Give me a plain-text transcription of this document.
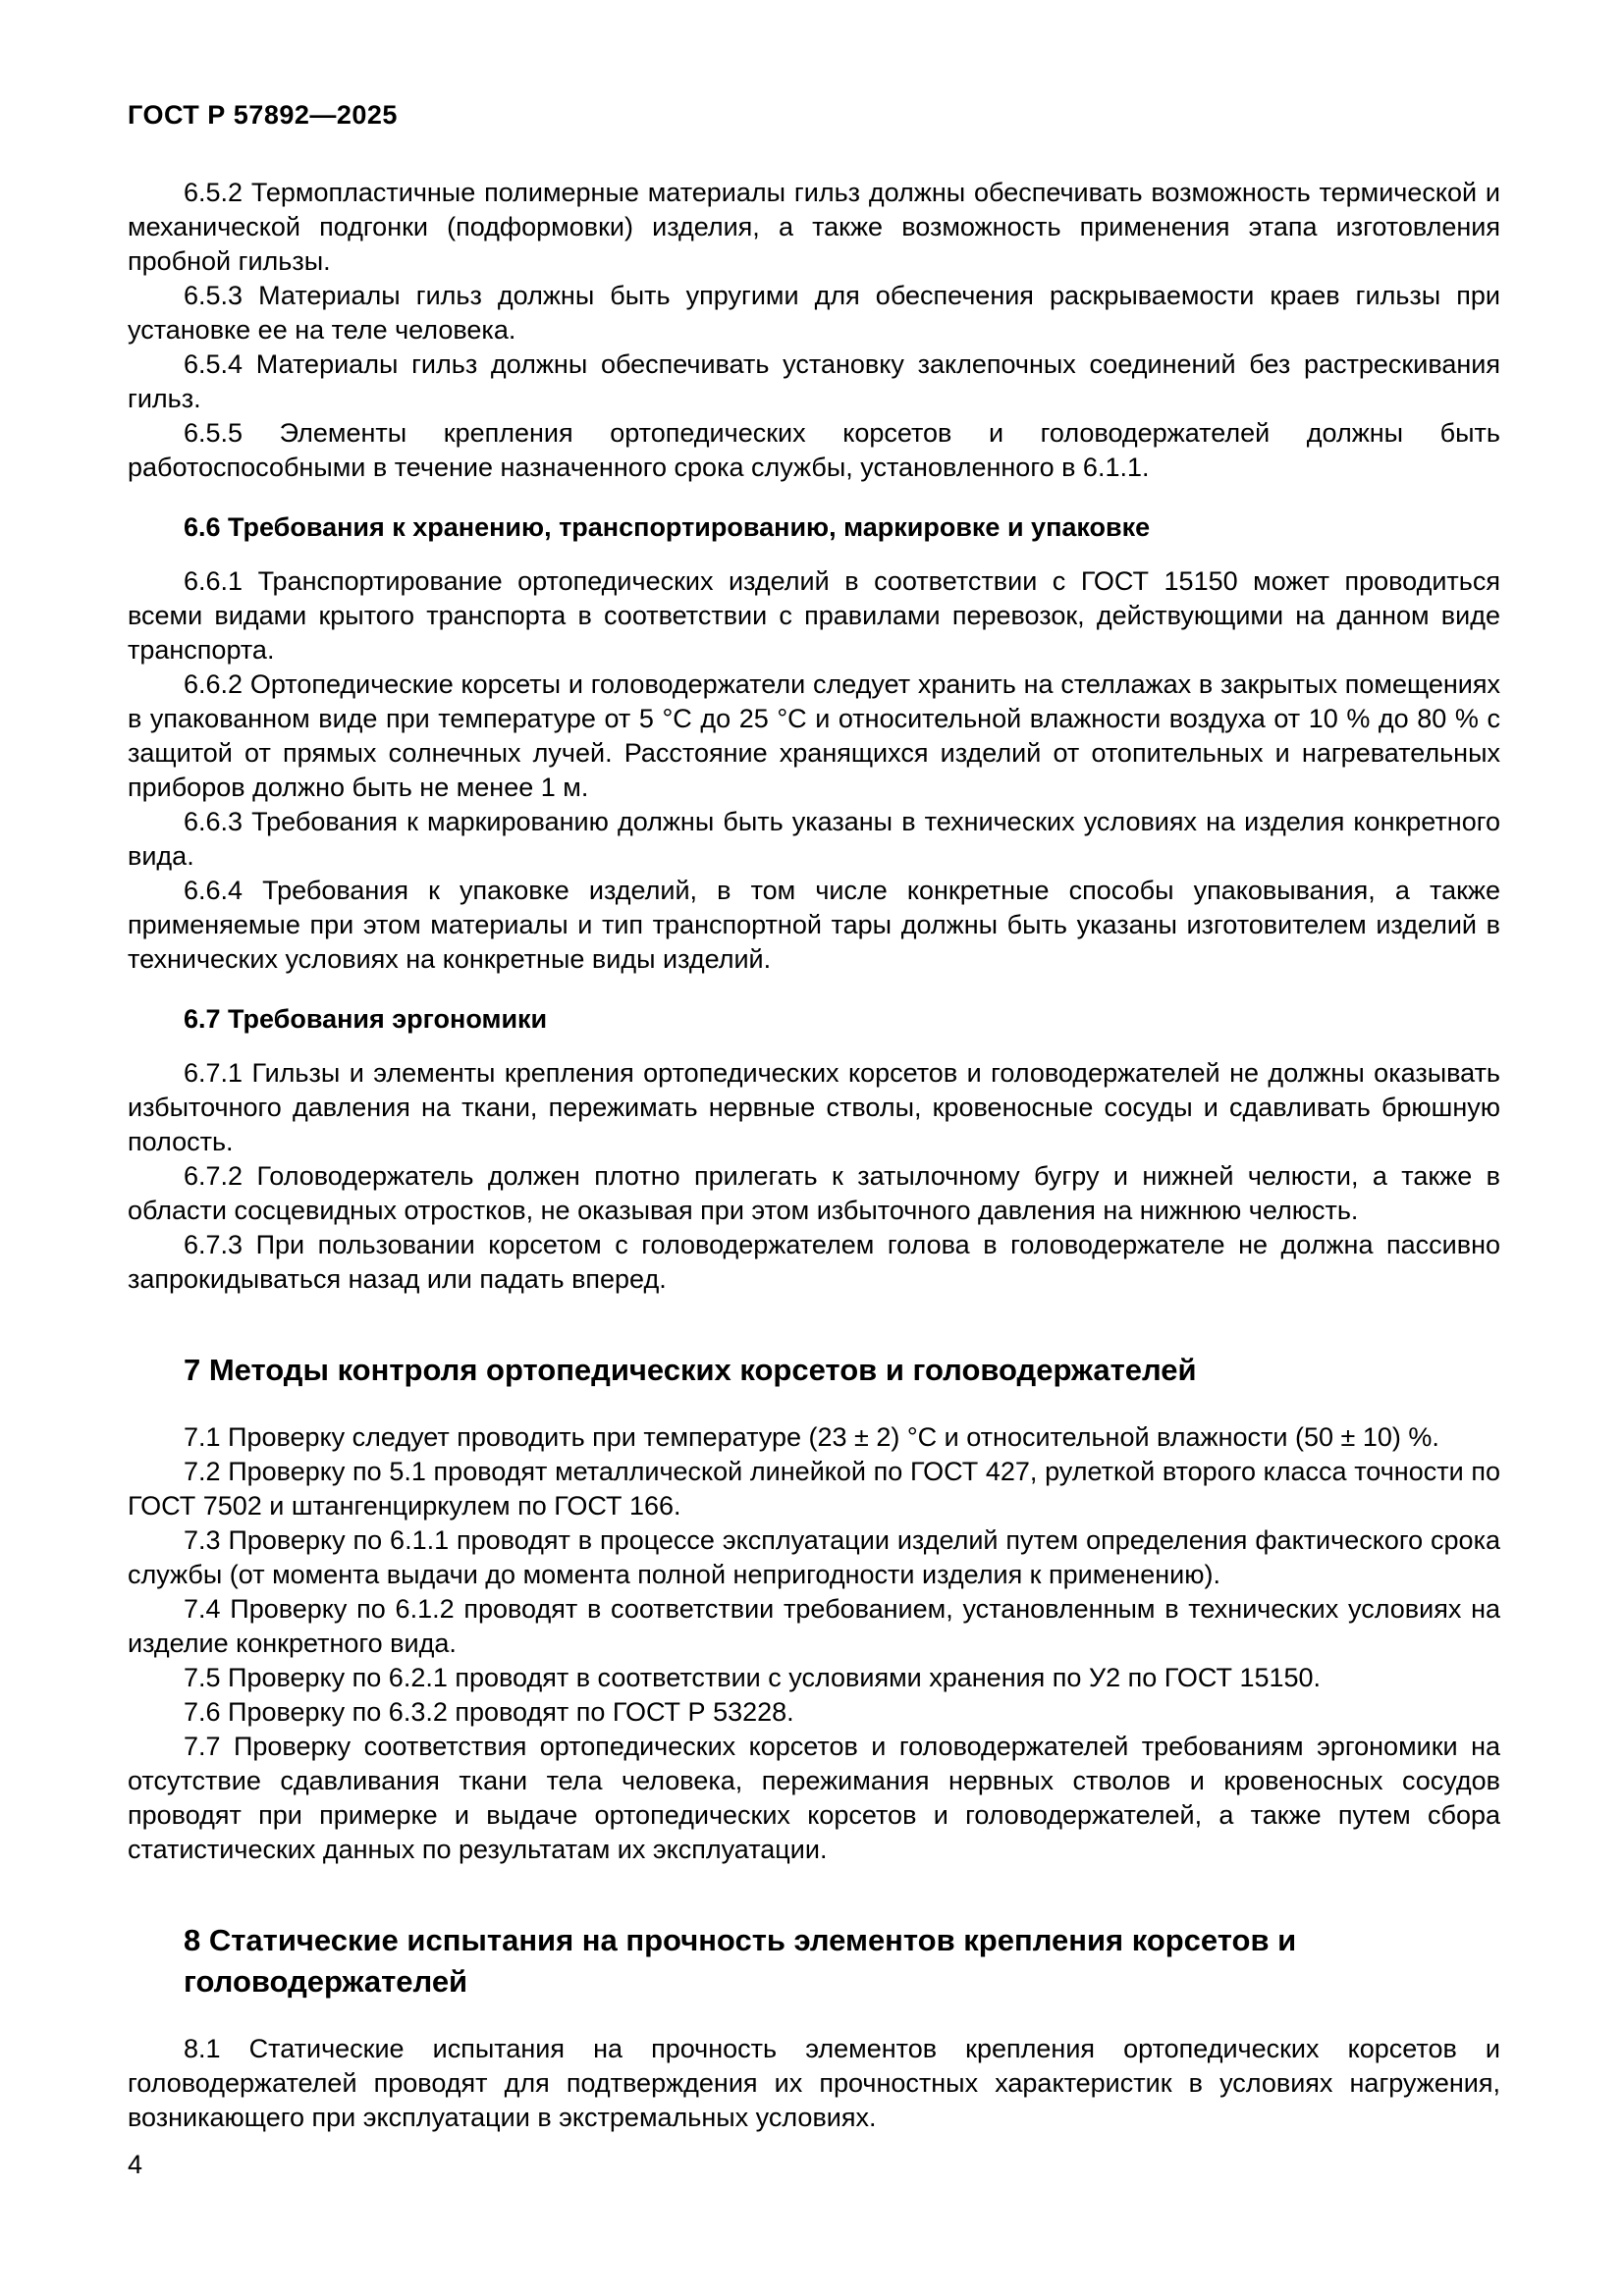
ГОСТ Р 57892—2025

6.5.2 Термопластичные полимерные материалы гильз должны обеспечивать возможность термической и механической подгонки (подформовки) изделия, а также возможность применения этапа изготовления пробной гильзы.

6.5.3 Материалы гильз должны быть упругими для обеспечения раскрываемости краев гильзы при установке ее на теле человека.

6.5.4 Материалы гильз должны обеспечивать установку заклепочных соединений без растрескивания гильз.

6.5.5 Элементы крепления ортопедических корсетов и головодержателей должны быть работоспособными в течение назначенного срока службы, установленного в 6.1.1.

6.6 Требования к хранению, транспортированию, маркировке и упаковке

6.6.1 Транспортирование ортопедических изделий в соответствии с ГОСТ 15150 может проводиться всеми видами крытого транспорта в соответствии с правилами перевозок, действующими на данном виде транспорта.

6.6.2 Ортопедические корсеты и головодержатели следует хранить на стеллажах в закрытых помещениях в упакованном виде при температуре от 5 °С до 25 °С и относительной влажности воздуха от 10 % до 80 % с защитой от прямых солнечных лучей. Расстояние хранящихся изделий от отопительных и нагревательных приборов должно быть не менее 1 м.

6.6.3 Требования к маркированию должны быть указаны в технических условиях на изделия конкретного вида.

6.6.4 Требования к упаковке изделий, в том числе конкретные способы упаковывания, а также применяемые при этом материалы и тип транспортной тары должны быть указаны изготовителем изделий в технических условиях на конкретные виды изделий.

6.7 Требования эргономики

6.7.1 Гильзы и элементы крепления ортопедических корсетов и головодержателей не должны оказывать избыточного давления на ткани, пережимать нервные стволы, кровеносные сосуды и сдавливать брюшную полость.

6.7.2 Головодержатель должен плотно прилегать к затылочному бугру и нижней челюсти, а также в области сосцевидных отростков, не оказывая при этом избыточного давления на нижнюю челюсть.

6.7.3 При пользовании корсетом с головодержателем голова в головодержателе не должна пассивно запрокидываться назад или падать вперед.

7 Методы контроля ортопедических корсетов и головодержателей

7.1 Проверку следует проводить при температуре (23 ± 2) °С и относительной влажности (50 ± 10) %.

7.2 Проверку по 5.1 проводят металлической линейкой по ГОСТ 427, рулеткой второго класса точности по ГОСТ 7502 и штангенциркулем по ГОСТ 166.

7.3 Проверку по 6.1.1 проводят в процессе эксплуатации изделий путем определения фактического срока службы (от момента выдачи до момента полной непригодности изделия к применению).

7.4 Проверку по 6.1.2 проводят в соответствии требованием, установленным в технических условиях на изделие конкретного вида.

7.5 Проверку по 6.2.1 проводят в соответствии с условиями хранения по У2 по ГОСТ 15150.

7.6 Проверку по 6.3.2 проводят по ГОСТ Р 53228.

7.7 Проверку соответствия ортопедических корсетов и головодержателей требованиям эргономики на отсутствие сдавливания ткани тела человека, пережимания нервных стволов и кровеносных сосудов проводят при примерке и выдаче ортопедических корсетов и головодержателей, а также путем сбора статистических данных по результатам их эксплуатации.

8 Статические испытания на прочность элементов крепления корсетов и головодержателей

8.1 Статические испытания на прочность элементов крепления ортопедических корсетов и головодержателей проводят для подтверждения их прочностных характеристик в условиях нагружения, возникающего при эксплуатации в экстремальных условиях.

4
